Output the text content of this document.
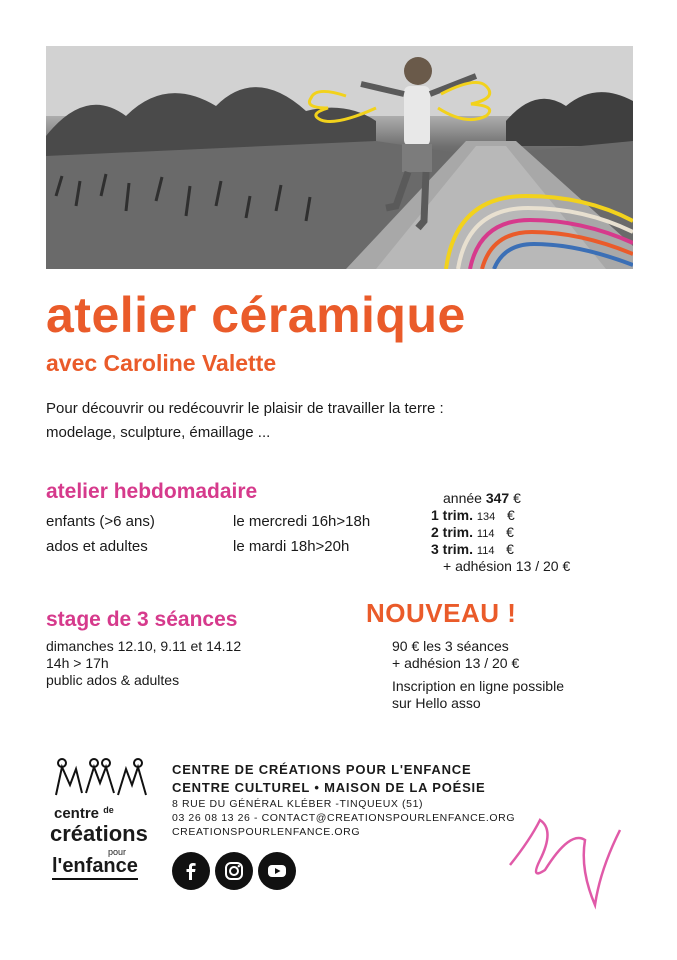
atelier céramique
avec Caroline Valette
Pour découvrir ou redécouvrir le plaisir de travailler la terre :
modelage, sculpture, émaillage ...
atelier hebdomadaire
enfants (>6 ans)	le mercredi 16h>18h
ados et adultes	le mardi 18h>20h
année 347 €
1 trim. 134 €
2 trim. 114 €
3 trim. 114 €
+ adhésion 13 / 20 €
stage de 3 séances
dimanches 12.10, 9.11 et 14.12
14h > 17h
public ados & adultes
NOUVEAU !
90 € les 3 séances
+ adhésion 13 / 20 €
Inscription en ligne possible
sur Hello asso
centre $^{de}$
créations
pour
l'enfance
CENTRE DE CRÉATIONS POUR L'ENFANCE
CENTRE CULTUREL • MAISON DE LA POÉSIE
8 RUE DU GÉNÉRAL KLÉBER -TINQUEUX (51)
03 26 08 13 26 - CONTACT@CREATIONSPOURLENFANCE.ORG
CREATIONSPOURLENFANCE.ORG
